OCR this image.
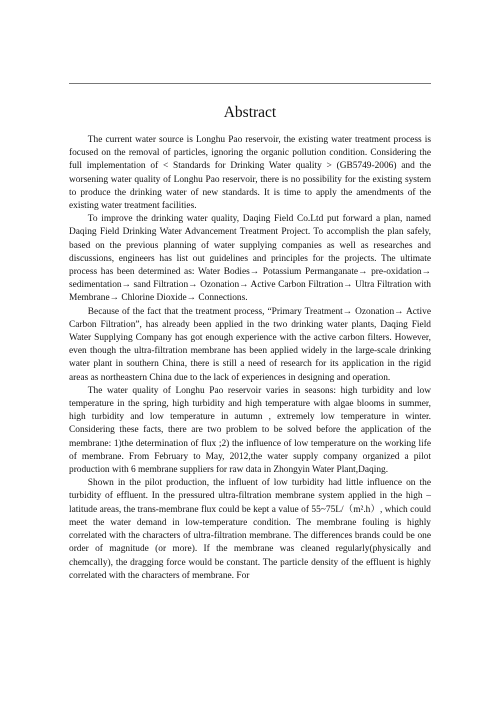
Abstract

The current water source is Longhu Pao reservoir, the existing water treatment process is focused on the removal of particles, ignoring the organic pollution condition. Considering the full implementation of < Standards for Drinking Water quality > (GB5749-2006) and the worsening water quality of Longhu Pao reservoir, there is no possibility for the existing system to produce the drinking water of new standards. It is time to apply the amendments of the existing water treatment facilities.

To improve the drinking water quality, Daqing Field Co.Ltd put forward a plan, named Daqing Field Drinking Water Advancement Treatment Project. To accomplish the plan safely, based on the previous planning of water supplying companies as well as researches and discussions, engineers has list out guidelines and principles for the projects. The ultimate process has been determined as: Water Bodies→ Potassium Permanganate→ pre-oxidation→ sedimentation→ sand Filtration→ Ozonation→ Active Carbon Filtration→ Ultra Filtration with Membrane→ Chlorine Dioxide→ Connections.

Because of the fact that the treatment process, “Primary Treatment→ Ozonation→ Active Carbon Filtration”, has already been applied in the two drinking water plants, Daqing Field Water Supplying Company has got enough experience with the active carbon filters. However, even though the ultra-filtration membrane has been applied widely in the large-scale drinking water plant in southern China, there is still a need of research for its application in the rigid areas as northeastern China due to the lack of experiences in designing and operation.

The water quality of Longhu Pao reservoir varies in seasons: high turbidity and low temperature in the spring, high turbidity and high temperature with algae blooms in summer, high turbidity and low temperature in autumn , extremely low temperature in winter. Considering these facts, there are two problem to be solved before the application of the membrane: 1)the determination of flux ;2) the influence of low temperature on the working life of membrane. From February to May, 2012,the water supply company organized a pilot production with 6 membrane suppliers for raw data in Zhongyin Water Plant,Daqing.

Shown in the pilot production, the influent of low turbidity had little influence on the turbidity of effluent. In the pressured ultra-filtration membrane system applied in the high –latitude areas, the trans-membrane flux could be kept a value of 55~75L/（m².h）, which could meet the water demand in low-temperature condition. The membrane fouling is highly correlated with the characters of ultra-filtration membrane. The differences brands could be one order of magnitude (or more). If the membrane was cleaned regularly(physically and chemcally), the dragging force would be constant. The particle density of the effluent is highly correlated with the characters of membrane. For
